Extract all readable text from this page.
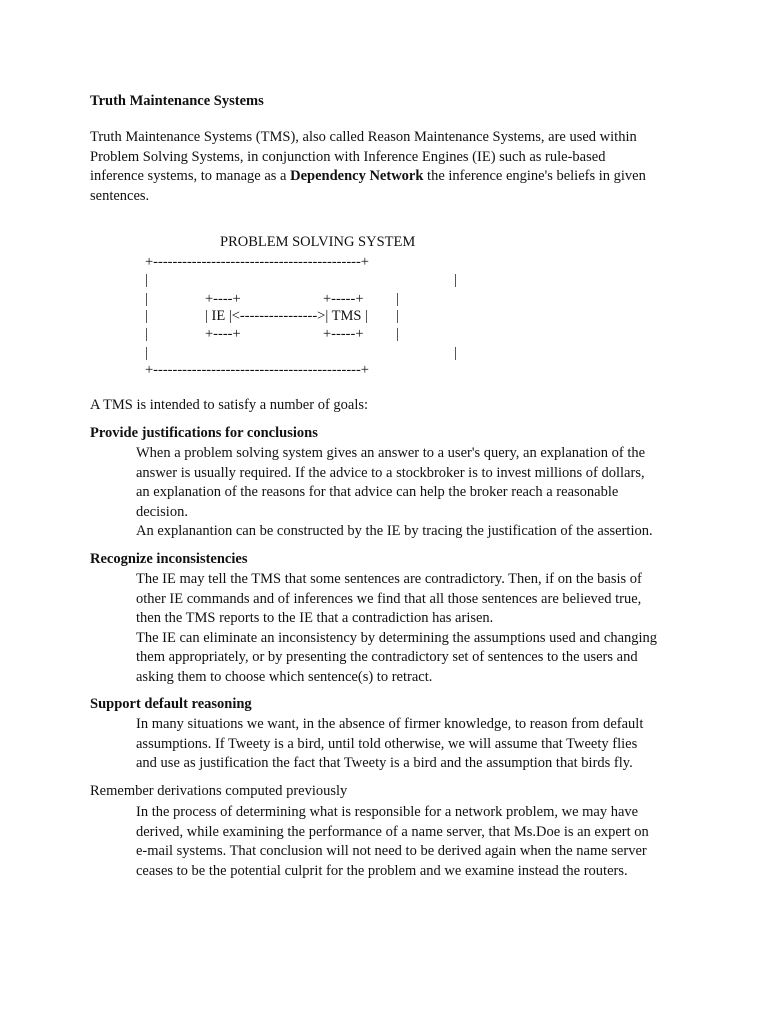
Truth Maintenance Systems

Truth Maintenance Systems (TMS), also called Reason Maintenance Systems, are used within
Problem Solving Systems, in conjunction with Inference Engines (IE) such as rule-based
inference systems, to manage as a Dependency Network the inference engine's beliefs in given
sentences.

PROBLEM SOLVING SYSTEM
+-------------------------------------------+
|	|
|	+----+	+-----+ |
|	| IE |<---------------->| TMS | |
|	+----+	+-----+ |
|	|
+-------------------------------------------+

A TMS is intended to satisfy a number of goals:

Provide justifications for conclusions

When a problem solving system gives an answer to a user's query, an explanation of the
answer is usually required. If the advice to a stockbroker is to invest millions of dollars,
an explanation of the reasons for that advice can help the broker reach a reasonable
decision.
An explanantion can be constructed by the IE by tracing the justification of the assertion.

Recognize inconsistencies

The IE may tell the TMS that some sentences are contradictory. Then, if on the basis of
other IE commands and of inferences we find that all those sentences are believed true,
then the TMS reports to the IE that a contradiction has arisen.
The IE can eliminate an inconsistency by determining the assumptions used and changing
them appropriately, or by presenting the contradictory set of sentences to the users and
asking them to choose which sentence(s) to retract.

Support default reasoning

In many situations we want, in the absence of firmer knowledge, to reason from default
assumptions. If Tweety is a bird, until told otherwise, we will assume that Tweety flies
and use as justification the fact that Tweety is a bird and the assumption that birds fly.

Remember derivations computed previously

In the process of determining what is responsible for a network problem, we may have
derived, while examining the performance of a name server, that Ms.Doe is an expert on
e-mail systems. That conclusion will not need to be derived again when the name server
ceases to be the potential culprit for the problem and we examine instead the routers.
